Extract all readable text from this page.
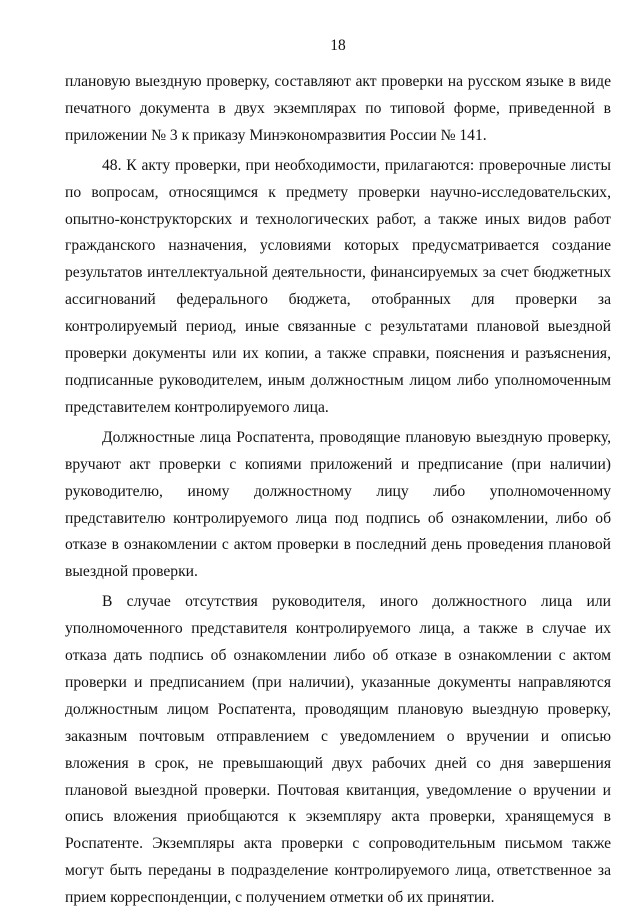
18

плановую выездную проверку, составляют акт проверки на русском языке в виде печатного документа в двух экземплярах по типовой форме, приведенной в приложении № 3 к приказу Минэкономразвития России № 141.

48. К акту проверки, при необходимости, прилагаются: проверочные листы по вопросам, относящимся к предмету проверки научно-исследовательских, опытно-конструкторских и технологических работ, а также иных видов работ гражданского назначения, условиями которых предусматривается создание результатов интеллектуальной деятельности, финансируемых за счет бюджетных ассигнований федерального бюджета, отобранных для проверки за контролируемый период, иные связанные с результатами плановой выездной проверки документы или их копии, а также справки, пояснения и разъяснения, подписанные руководителем, иным должностным лицом либо уполномоченным представителем контролируемого лица.

Должностные лица Роспатента, проводящие плановую выездную проверку, вручают акт проверки с копиями приложений и предписание (при наличии) руководителю, иному должностному лицу либо уполномоченному представителю контролируемого лица под подпись об ознакомлении, либо об отказе в ознакомлении с актом проверки в последний день проведения плановой выездной проверки.

В случае отсутствия руководителя, иного должностного лица или уполномоченного представителя контролируемого лица, а также в случае их отказа дать подпись об ознакомлении либо об отказе в ознакомлении с актом проверки и предписанием (при наличии), указанные документы направляются должностным лицом Роспатента, проводящим плановую выездную проверку, заказным почтовым отправлением с уведомлением о вручении и описью вложения в срок, не превышающий двух рабочих дней со дня завершения плановой выездной проверки. Почтовая квитанция, уведомление о вручении и опись вложения приобщаются к экземпляру акта проверки, хранящемуся в Роспатенте. Экземпляры акта проверки с сопроводительным письмом также могут быть переданы в подразделение контролируемого лица, ответственное за прием корреспонденции, с получением отметки об их принятии.
